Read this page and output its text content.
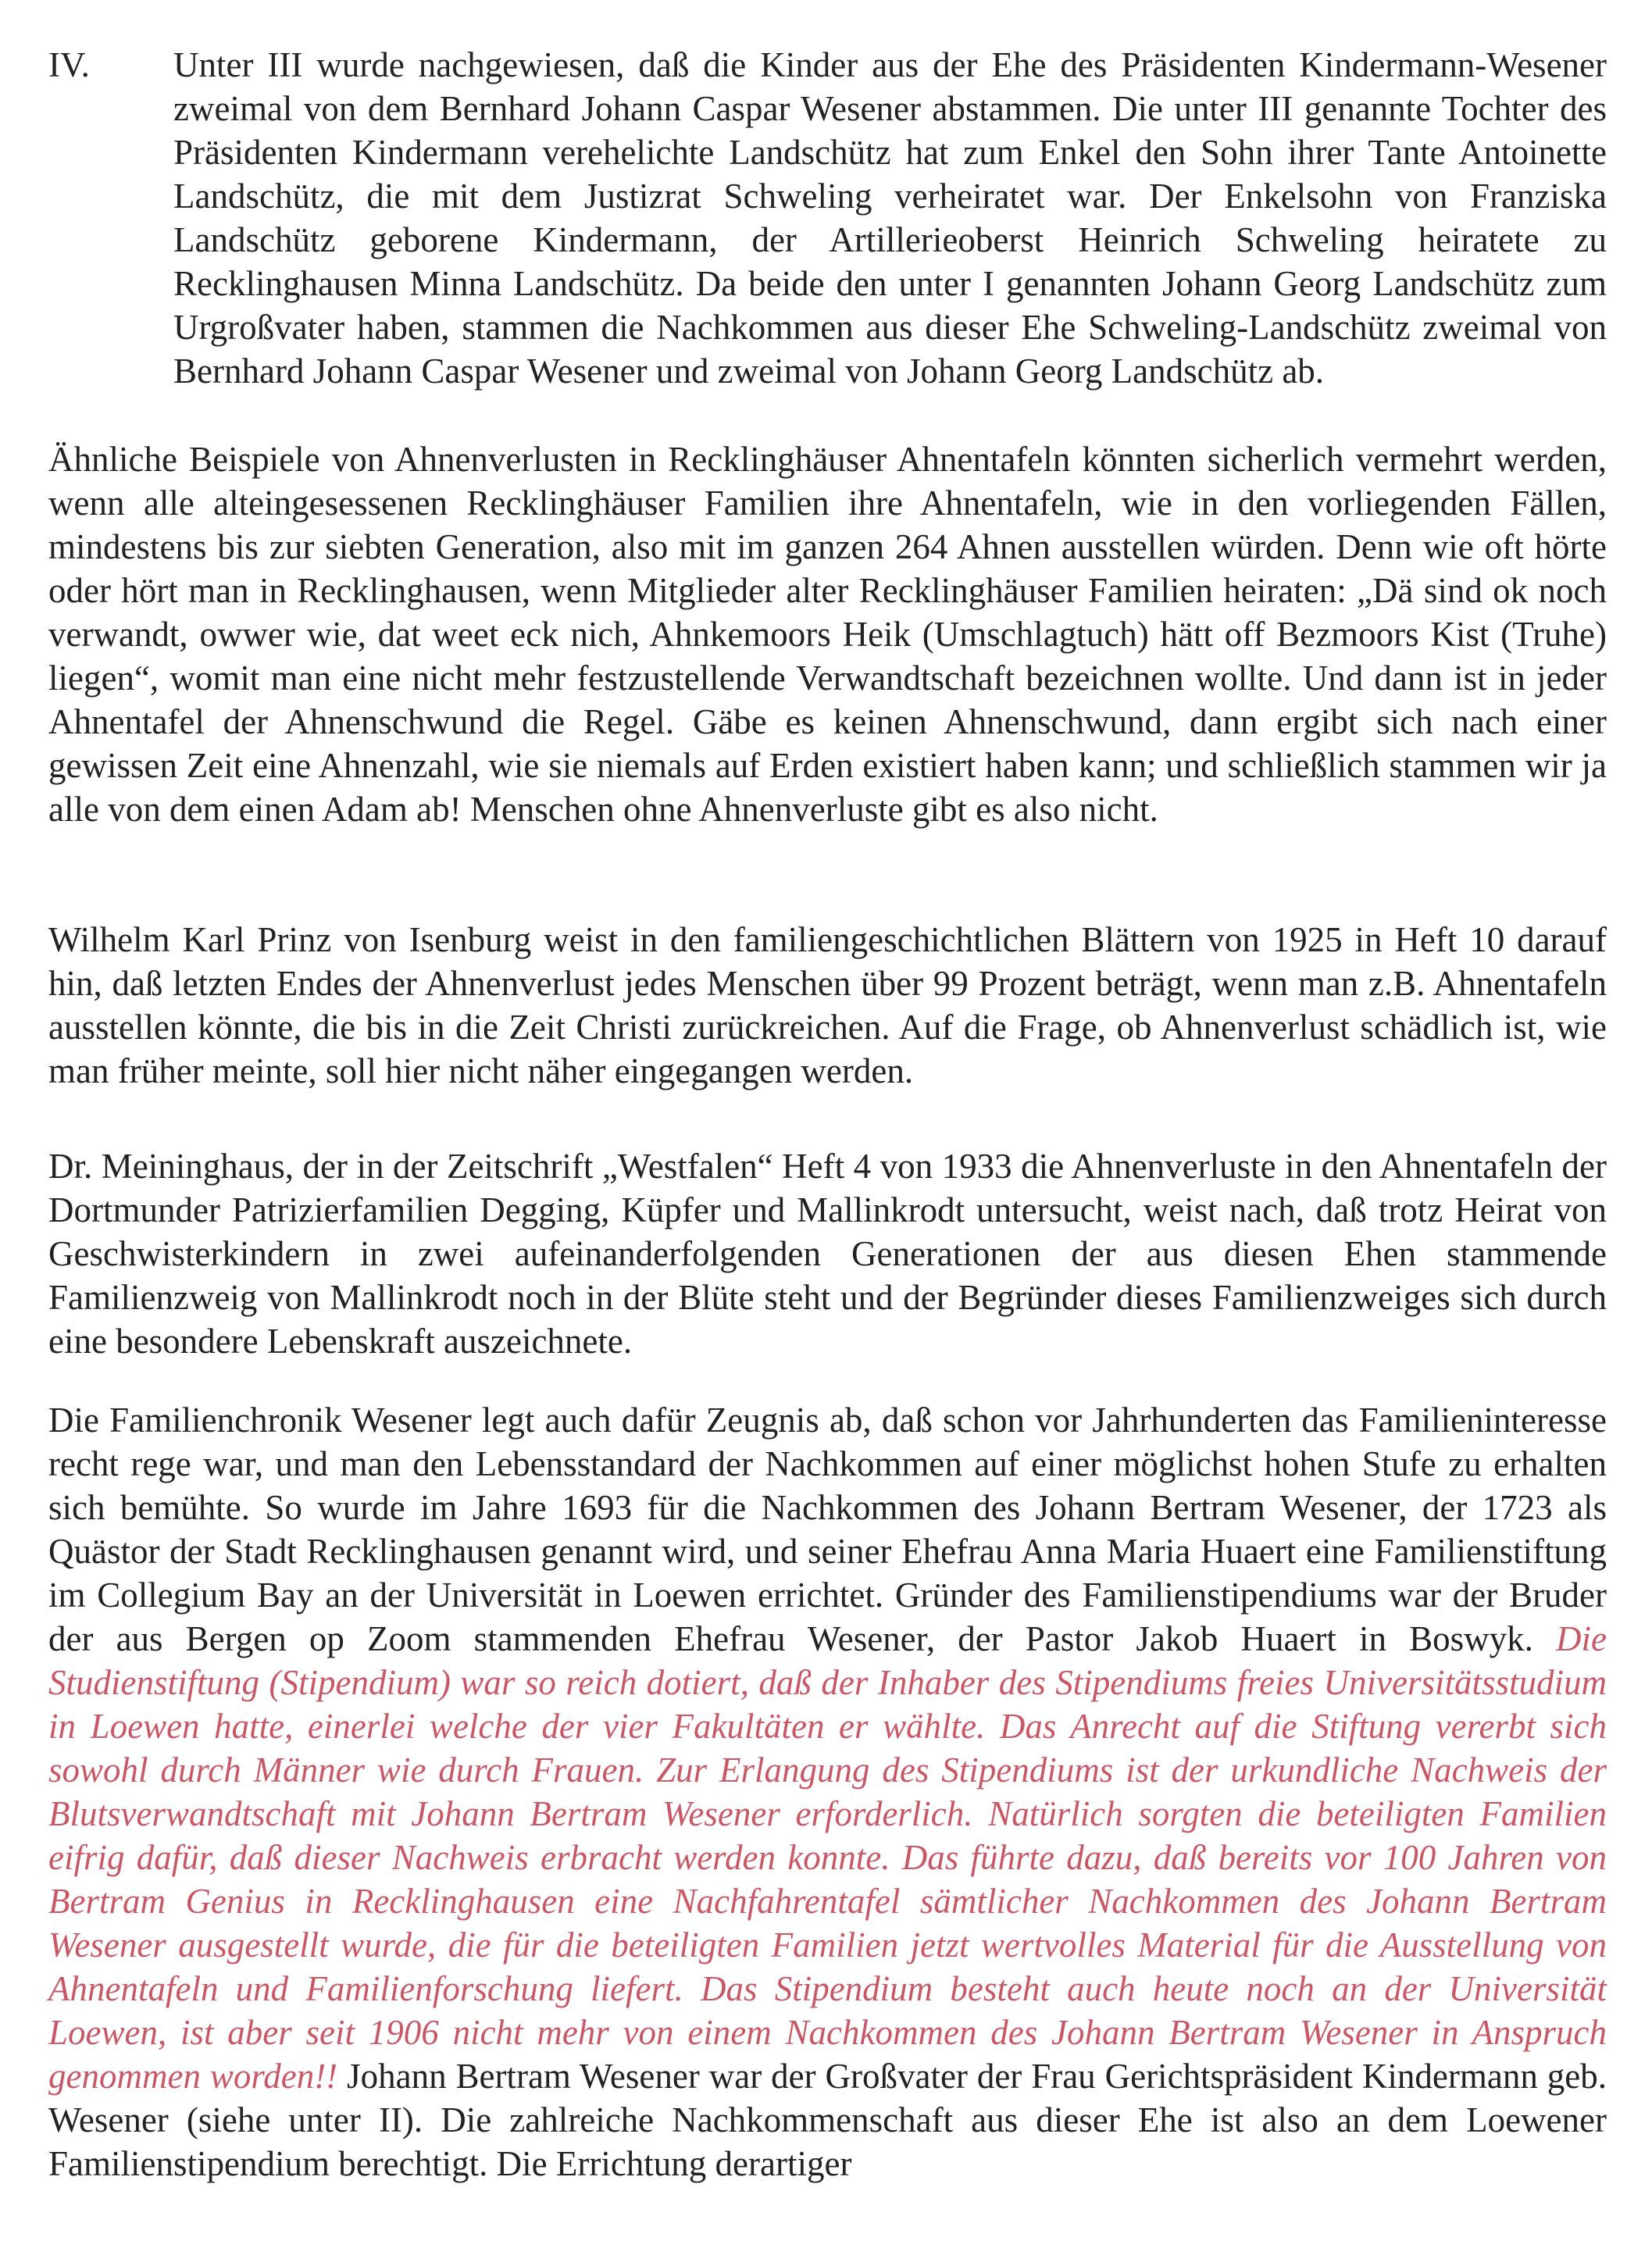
IV.	Unter III wurde nachgewiesen, daß die Kinder aus der Ehe des Präsidenten Kindermann-Wesener zweimal von dem Bernhard Johann Caspar Wesener abstammen. Die unter III genannte Tochter des Präsidenten Kindermann verehelichte Landschütz hat zum Enkel den Sohn ihrer Tante Antoinette Landschütz, die mit dem Justizrat Schweling verheiratet war. Der Enkelsohn von Franziska Landschütz geborene Kindermann, der Artillerieoberst Heinrich Schweling heiratete zu Recklinghausen Minna Landschütz. Da beide den unter I genannten Johann Georg Landschütz zum Urgroßvater haben, stammen die Nachkommen aus dieser Ehe Schweling-Landschütz zweimal von Bernhard Johann Caspar Wesener und zweimal von Johann Georg Landschütz ab.
Ähnliche Beispiele von Ahnenverlusten in Recklinghäuser Ahnentafeln könnten sicherlich vermehrt werden, wenn alle alteingesessenen Recklinghäuser Familien ihre Ahnentafeln, wie in den vorliegenden Fällen, mindestens bis zur siebten Generation, also mit im ganzen 264 Ahnen ausstellen würden. Denn wie oft hörte oder hört man in Recklinghausen, wenn Mitglieder alter Recklinghäuser Familien heiraten: „Dä sind ok noch verwandt, owwer wie, dat weet eck nich, Ahnkemoors Heik (Umschlagtuch) hätt off Bezmoors Kist (Truhe) liegen“, womit man eine nicht mehr festzustellende Verwandtschaft bezeichnen wollte. Und dann ist in jeder Ahnentafel der Ahnenschwund die Regel. Gäbe es keinen Ahnenschwund, dann ergibt sich nach einer gewissen Zeit eine Ahnenzahl, wie sie niemals auf Erden existiert haben kann; und schließlich stammen wir ja alle von dem einen Adam ab! Menschen ohne Ahnenverluste gibt es also nicht.
Wilhelm Karl Prinz von Isenburg weist in den familiengeschichtlichen Blättern von 1925 in Heft 10 darauf hin, daß letzten Endes der Ahnenverlust jedes Menschen über 99 Prozent beträgt, wenn man z.B. Ahnentafeln ausstellen könnte, die bis in die Zeit Christi zurückreichen. Auf die Frage, ob Ahnenverlust schädlich ist, wie man früher meinte, soll hier nicht näher eingegangen werden.
Dr. Meininghaus, der in der Zeitschrift „Westfalen“ Heft 4 von 1933 die Ahnenverluste in den Ahnentafeln der Dortmunder Patrizierfamilien Degging, Küpfer und Mallinkrodt untersucht, weist nach, daß trotz Heirat von Geschwisterkindern in zwei aufeinanderfolgenden Generationen der aus diesen Ehen stammende Familienzweig von Mallinkrodt noch in der Blüte steht und der Begründer dieses Familienzweiges sich durch eine besondere Lebenskraft auszeichnete.
Die Familienchronik Wesener legt auch dafür Zeugnis ab, daß schon vor Jahrhunderten das Familieninteresse recht rege war, und man den Lebensstandard der Nachkommen auf einer möglichst hohen Stufe zu erhalten sich bemühte. So wurde im Jahre 1693 für die Nachkommen des Johann Bertram Wesener, der 1723 als Quästor der Stadt Recklinghausen genannt wird, und seiner Ehefrau Anna Maria Huaert eine Familienstiftung im Collegium Bay an der Universität in Loewen errichtet. Gründer des Familienstipendiums war der Bruder der aus Bergen op Zoom stammenden Ehefrau Wesener, der Pastor Jakob Huaert in Boswyk. Die Studienstiftung (Stipendium) war so reich dotiert, daß der Inhaber des Stipendiums freies Universitätsstudium in Loewen hatte, einerlei welche der vier Fakultäten er wählte. Das Anrecht auf die Stiftung vererbt sich sowohl durch Männer wie durch Frauen. Zur Erlangung des Stipendiums ist der urkundliche Nachweis der Blutsverwandtschaft mit Johann Bertram Wesener erforderlich. Natürlich sorgten die beteiligten Familien eifrig dafür, daß dieser Nachweis erbracht werden konnte. Das führte dazu, daß bereits vor 100 Jahren von Bertram Genius in Recklinghausen eine Nachfahrentafel sämtlicher Nachkommen des Johann Bertram Wesener ausgestellt wurde, die für die beteiligten Familien jetzt wertvolles Material für die Ausstellung von Ahnentafeln und Familienforschung liefert. Das Stipendium besteht auch heute noch an der Universität Loewen, ist aber seit 1906 nicht mehr von einem Nachkommen des Johann Bertram Wesener in Anspruch genommen worden!! Johann Bertram Wesener war der Großvater der Frau Gerichtspräsident Kindermann geb. Wesener (siehe unter II). Die zahlreiche Nachkommenschaft aus dieser Ehe ist also an dem Loewener Familienstipendium berechtigt. Die Errichtung derartiger
